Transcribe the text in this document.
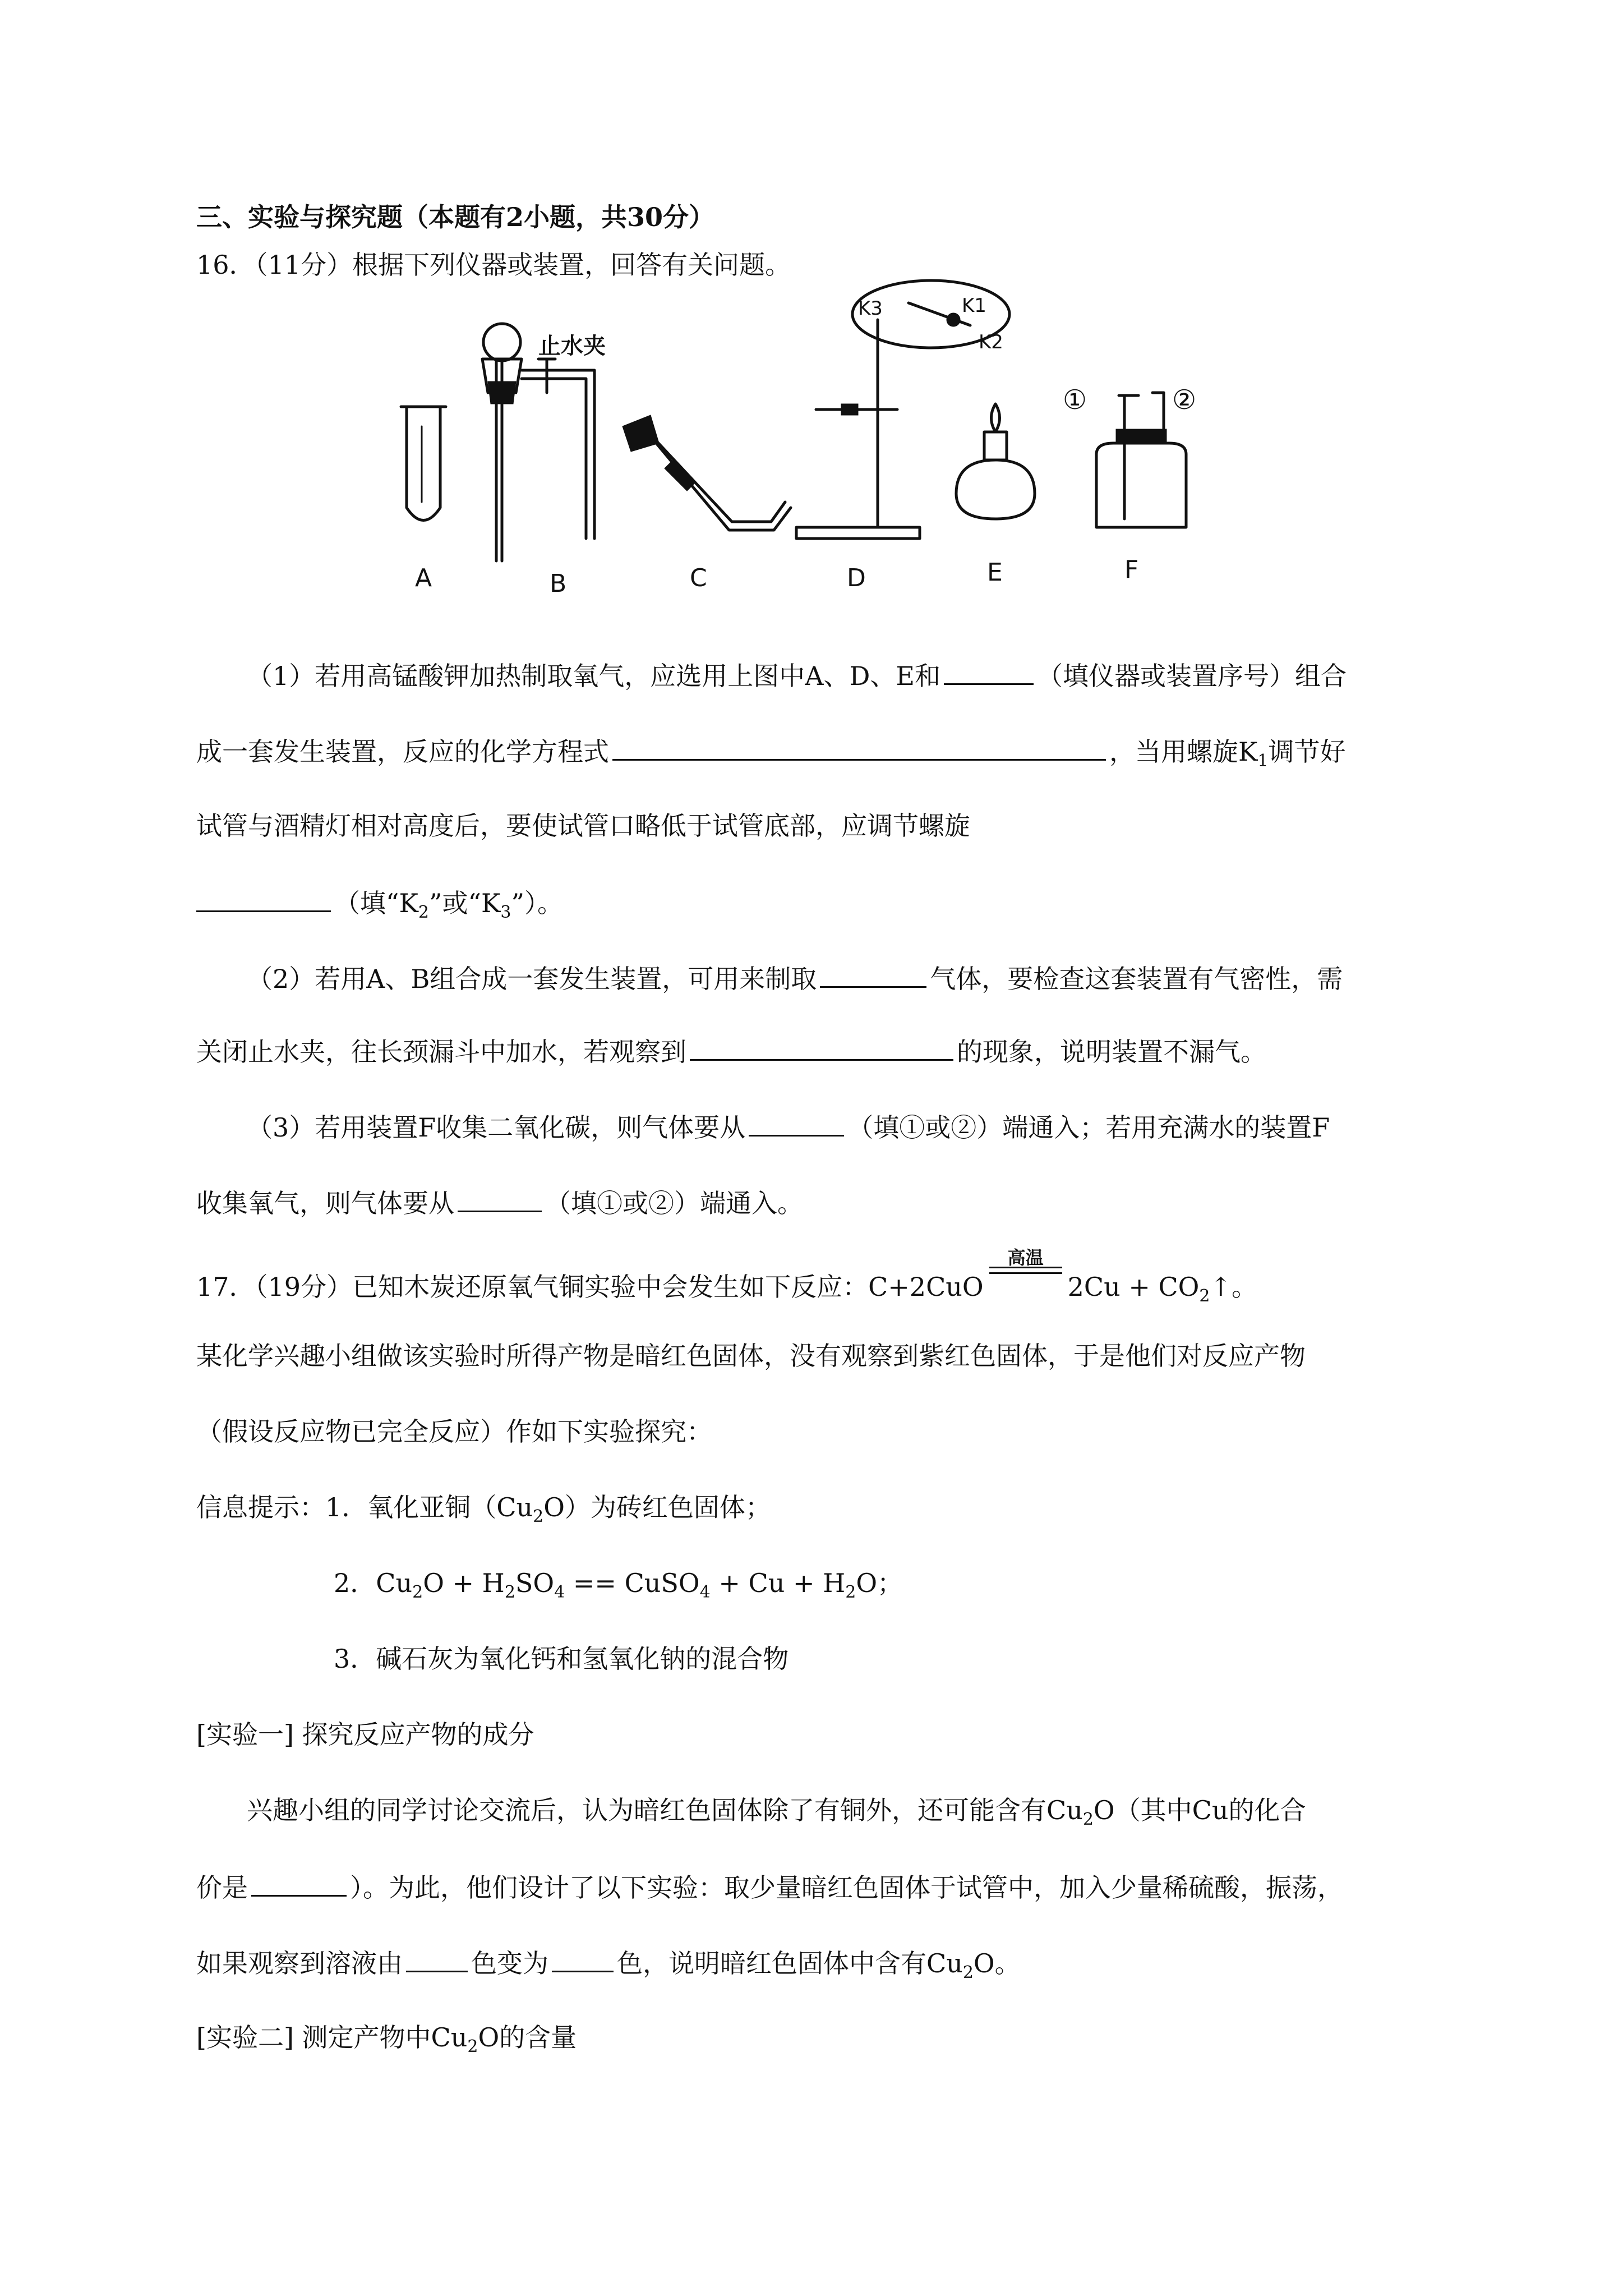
三、实验与探究题（本题有2小题，共30分）
16．（11分）根据下列仪器或装置，回答有关问题。
止水夹
K3	K1
K2
①	②
A	B	C	D	E	F
（1）若用高锰酸钾加热制取氧气，应选用上图中A、D、E和	（填仪器或装置序号）组合
成一套发生装置，反应的化学方程式	，当用螺旋$K_1$调节好
试管与酒精灯相对高度后，要使试管口略低于试管底部，应调节螺旋
（填“$K_2$”或“$K_3$”）。
（2）若用A、B组合成一套发生装置，可用来制取	气体，要检查这套装置有气密性，需
关闭止水夹，往长颈漏斗中加水，若观察到	的现象，说明装置不漏气。
（3）若用装置F收集二氧化碳，则气体要从	（填①或②）端通入；若用充满水的装置F
收集氧气，则气体要从	（填①或②）端通入。
17．（19分）已知木炭还原氧气铜实验中会发生如下反应：C+2CuO
高温
$2Cu + CO_2↑$。
某化学兴趣小组做该实验时所得产物是暗红色固体，没有观察到紫红色固体，于是他们对反应产物
（假设反应物已完全反应）作如下实验探究：
信息提示：1．氧化亚铜$(Cu_2O)$为砖红色固体；
2．$Cu_2O + H_2SO_4$ == CuSO$_4$ + $Cu + H_2O$；
3．碱石灰为氧化钙和氢氧化钠的混合物
[实验一] 探究反应产物的成分
兴趣小组的同学讨论交流后，认为暗红色固体除了有铜外，还可能含有$Cu_2O$（其中Cu的化合
价是	）。为此，他们设计了以下实验：取少量暗红色固体于试管中，加入少量稀硫酸，振荡，
如果观察到溶液由	色变为	色，说明暗红色固体中含有$Cu_2O$。
[实验二] 测定产物中$Cu_2O$的含量
